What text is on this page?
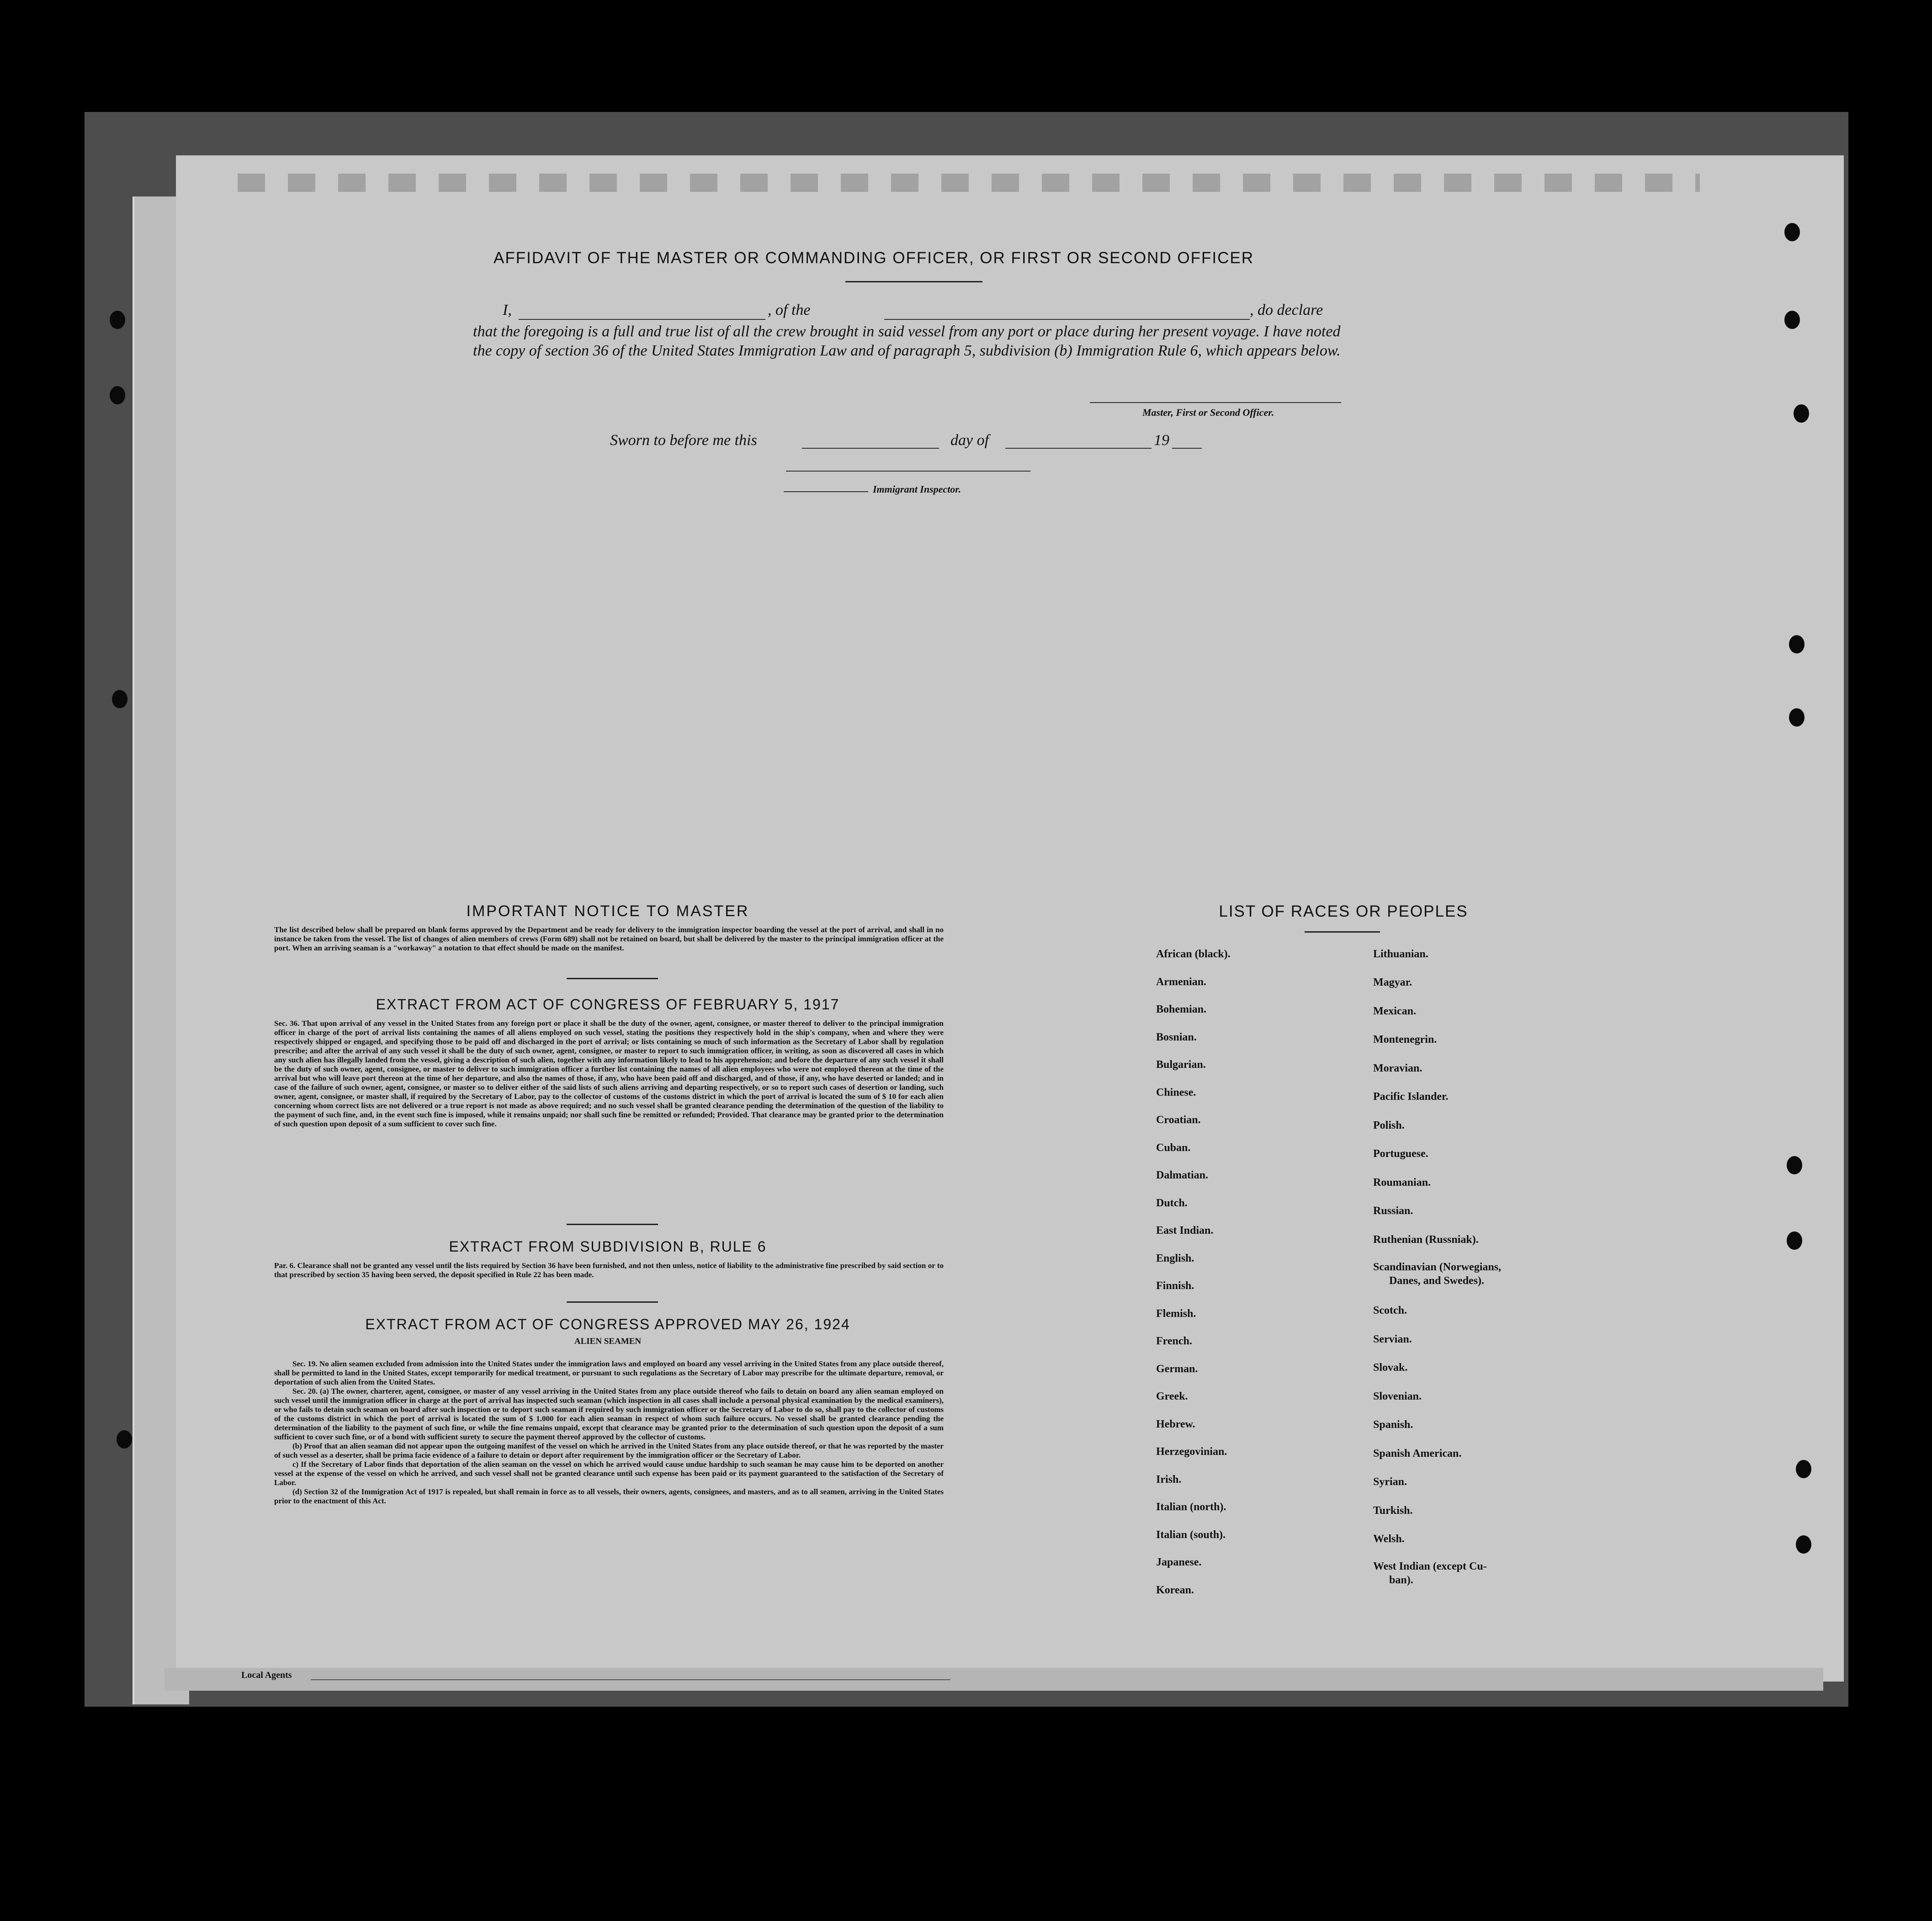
AFFIDAVIT OF THE MASTER OR COMMANDING OFFICER, OR FIRST OR SECOND OFFICER
I,	, of the	, do declare
that the foregoing is a full and true list of all the crew brought in said vessel from any port or place during her present voyage. I have noted the copy of section 36 of the United States Immigration Law and of paragraph 5, subdivision (b) Immigration Rule 6, which appears below.
Master, First or Second Officer.
Sworn to before me this	day of	19
Immigrant Inspector.
IMPORTANT NOTICE TO MASTER
The list described below shall be prepared on blank forms approved by the Department and be ready for delivery to the immigration inspector boarding the vessel at the port of arrival, and shall in no instance be taken from the vessel. The list of changes of alien members of crews (Form 689) shall not be retained on board, but shall be delivered by the master to the principal immigration officer at the port. When an arriving seaman is a "workaway" a notation to that effect should be made on the manifest.
EXTRACT FROM ACT OF CONGRESS OF FEBRUARY 5, 1917
Sec. 36. That upon arrival of any vessel in the United States from any foreign port or place it shall be the duty of the owner, agent, consignee, or master thereof to deliver to the principal immigration officer in charge of the port of arrival lists containing the names of all aliens employed on such vessel, stating the positions they respectively hold in the ship's company, when and where they were respectively shipped or engaged, and specifying those to be paid off and discharged in the port of arrival; or lists containing so much of such information as the Secretary of Labor shall by regulation prescribe; and after the arrival of any such vessel it shall be the duty of such owner, agent, consignee, or master to report to such immigration officer, in writing, as soon as discovered all cases in which any such alien has illegally landed from the vessel, giving a description of such alien, together with any information likely to lead to his apprehension; and before the departure of any such vessel it shall be the duty of such owner, agent, consignee, or master to deliver to such immigration officer a further list containing the names of all alien employees who were not employed thereon at the time of the arrival but who will leave port thereon at the time of her departure, and also the names of those, if any, who have been paid off and discharged, and of those, if any, who have deserted or landed; and in case of the failure of such owner, agent, consignee, or master so to deliver either of the said lists of such aliens arriving and departing respectively, or so to report such cases of desertion or landing, such owner, agent, consignee, or master shall, if required by the Secretary of Labor, pay to the collector of customs of the customs district in which the port of arrival is located the sum of $ 10 for each alien concerning whom correct lists are not delivered or a true report is not made as above required; and no such vessel shall be granted clearance pending the determination of the question of the liability to the payment of such fine, and, in the event such fine is imposed, while it remains unpaid; nor shall such fine be remitted or refunded; Provided. That clearance may be granted prior to the determination of such question upon deposit of a sum sufficient to cover such fine.
EXTRACT FROM SUBDIVISION B, RULE 6
Par. 6. Clearance shall not be granted any vessel until the lists required by Section 36 have been furnished, and not then unless, notice of liability to the administrative fine prescribed by said section or to that prescribed by section 35 having been served, the deposit specified in Rule 22 has been made.
EXTRACT FROM ACT OF CONGRESS APPROVED MAY 26, 1924
ALIEN SEAMEN
Sec. 19. No alien seamen excluded from admission into the United States under the immigration laws and employed on board any vessel arriving in the United States from any place outside thereof, shall be permitted to land in the United States, except temporarily for medical treatment, or pursuant to such regulations as the Secretary of Labor may prescribe for the ultimate departure, removal, or deportation of such alien from the United States.
Sec. 20. (a) The owner, charterer, agent, consignee, or master of any vessel arriving in the United States from any place outside thereof who fails to detain on board any alien seaman employed on such vessel until the immigration officer in charge at the port of arrival has inspected such seaman (which inspection in all cases shall include a personal physical examination by the medical examiners), or who fails to detain such seaman on board after such inspection or to deport such seaman if required by such immigration officer or the Secretary of Labor to do so, shall pay to the collector of customs of the customs district in which the port of arrival is located the sum of $ 1.000 for each alien seaman in respect of whom such failure occurs. No vessel shall be granted clearance pending the determination of the liability to the payment of such fine, or while the fine remains unpaid, except that clearance may be granted prior to the determination of such question upon the deposit of a sum sufficient to cover such fine, or of a bond with sufficient surety to secure the payment thereof approved by the collector of customs.
(b) Proof that an alien seaman did not appear upon the outgoing manifest of the vessel on which he arrived in the United States from any place outside thereof, or that he was reported by the master of such vessel as a deserter, shall be prima facie evidence of a failure to detain or deport after requirement by the immigration officer or the Secretary of Labor.
c) If the Secretary of Labor finds that deportation of the alien seaman on the vessel on which he arrived would cause undue hardship to such seaman he may cause him to be deported on another vessel at the expense of the vessel on which he arrived, and such vessel shall not be granted clearance until such expense has been paid or its payment guaranteed to the satisfaction of the Secretary of Labor.
(d) Section 32 of the Immigration Act of 1917 is repealed, but shall remain in force as to all vessels, their owners, agents, consignees, and masters, and as to all seamen, arriving in the United States prior to the enactment of this Act.
LIST OF RACES OR PEOPLES
African (black).
Armenian.
Bohemian.
Bosnian.
Bulgarian.
Chinese.
Croatian.
Cuban.
Dalmatian.
Dutch.
East Indian.
English.
Finnish.
Flemish.
French.
German.
Greek.
Hebrew.
Herzegovinian.
Irish.
Italian (north).
Italian (south).
Japanese.
Korean.
Lithuanian.
Magyar.
Mexican.
Montenegrin.
Moravian.
Pacific Islander.
Polish.
Portuguese.
Roumanian.
Russian.
Ruthenian (Russniak).
Scandinavian (Norwegians,
Danes, and Swedes).
Scotch.
Servian.
Slovak.
Slovenian.
Spanish.
Spanish American.
Syrian.
Turkish.
Welsh.
West Indian (except Cu-
ban).
Local Agents
